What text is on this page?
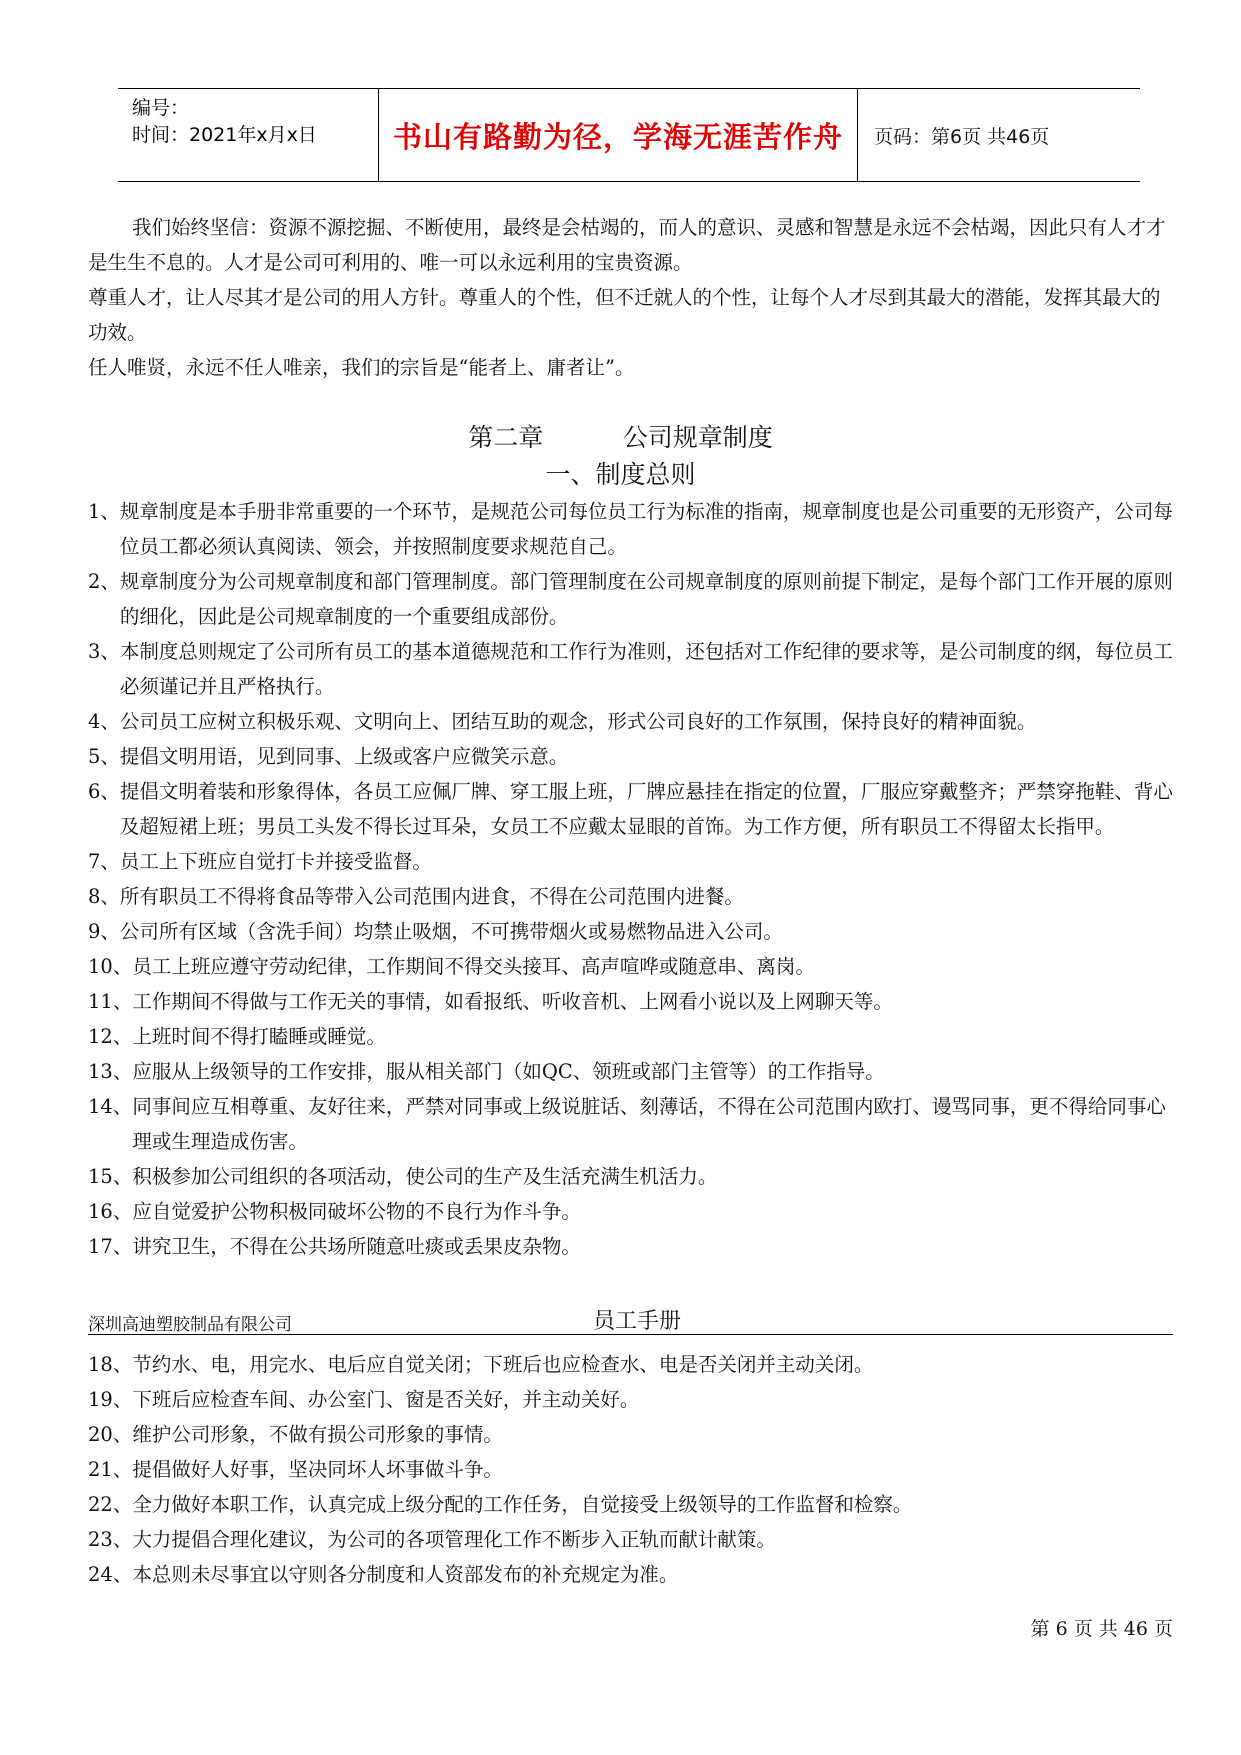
编号：
时间：2021年x月x日	书山有路勤为径，学海无涯苦作舟 页码：第6页 共46页

我们始终坚信：资源不源挖掘、不断使用，最终是会枯竭的，而人的意识、灵感和智慧是永远不会枯竭，因此只有人才才是生生不息的。人才是公司可利用的、唯一可以永远利用的宝贵资源。

尊重人才，让人尽其才是公司的用人方针。尊重人的个性，但不迁就人的个性，让每个人才尽到其最大的潜能，发挥其最大的功效。

任人唯贤，永远不任人唯亲，我们的宗旨是“能者上、庸者让”。

第二章          公司规章制度
一、制度总则
1、 规章制度是本手册非常重要的一个环节，是规范公司每位员工行为标准的指南，规章制度也是公司重要的无形资产，公司每位员工都必须认真阅读、领会，并按照制度要求规范自己。
2、 规章制度分为公司规章制度和部门管理制度。部门管理制度在公司规章制度的原则前提下制定，是每个部门工作开展的原则的细化，因此是公司规章制度的一个重要组成部份。
3、 本制度总则规定了公司所有员工的基本道德规范和工作行为准则，还包括对工作纪律的要求等，是公司制度的纲，每位员工必须谨记并且严格执行。
4、 公司员工应树立积极乐观、文明向上、团结互助的观念，形式公司良好的工作氛围，保持良好的精神面貌。
5、 提倡文明用语，见到同事、上级或客户应微笑示意。
6、 提倡文明着装和形象得体，各员工应佩厂牌、穿工服上班，厂牌应悬挂在指定的位置，厂服应穿戴整齐；严禁穿拖鞋、背心及超短裙上班；男员工头发不得长过耳朵，女员工不应戴太显眼的首饰。为工作方便，所有职员工不得留太长指甲。
7、 员工上下班应自觉打卡并接受监督。
8、 所有职员工不得将食品等带入公司范围内进食，不得在公司范围内进餐。
9、 公司所有区域（含洗手间）均禁止吸烟，不可携带烟火或易燃物品进入公司。
10、 员工上班应遵守劳动纪律，工作期间不得交头接耳、高声喧哗或随意串、离岗。
11、 工作期间不得做与工作无关的事情，如看报纸、听收音机、上网看小说以及上网聊天等。
12、 上班时间不得打瞌睡或睡觉。
13、 应服从上级领导的工作安排，服从相关部门（如QC、领班或部门主管等）的工作指导。
14、 同事间应互相尊重、友好往来，严禁对同事或上级说脏话、刻薄话，不得在公司范围内欧打、谩骂同事，更不得给同事心理或生理造成伤害。
15、 积极参加公司组织的各项活动，使公司的生产及生活充满生机活力。
16、 应自觉爱护公物积极同破坏公物的不良行为作斗争。
17、 讲究卫生，不得在公共场所随意吐痰或丢果皮杂物。
深圳高迪塑胶制品有限公司	员工手册
18、 节约水、电，用完水、电后应自觉关闭；下班后也应检查水、电是否关闭并主动关闭。
19、 下班后应检查车间、办公室门、窗是否关好，并主动关好。
20、 维护公司形象，不做有损公司形象的事情。
21、 提倡做好人好事，坚决同坏人坏事做斗争。
22、 全力做好本职工作，认真完成上级分配的工作任务，自觉接受上级领导的工作监督和检察。
23、 大力提倡合理化建议，为公司的各项管理化工作不断步入正轨而献计献策。
24、 本总则未尽事宜以守则各分制度和人资部发布的补充规定为准。
第 6 页 共 46 页
